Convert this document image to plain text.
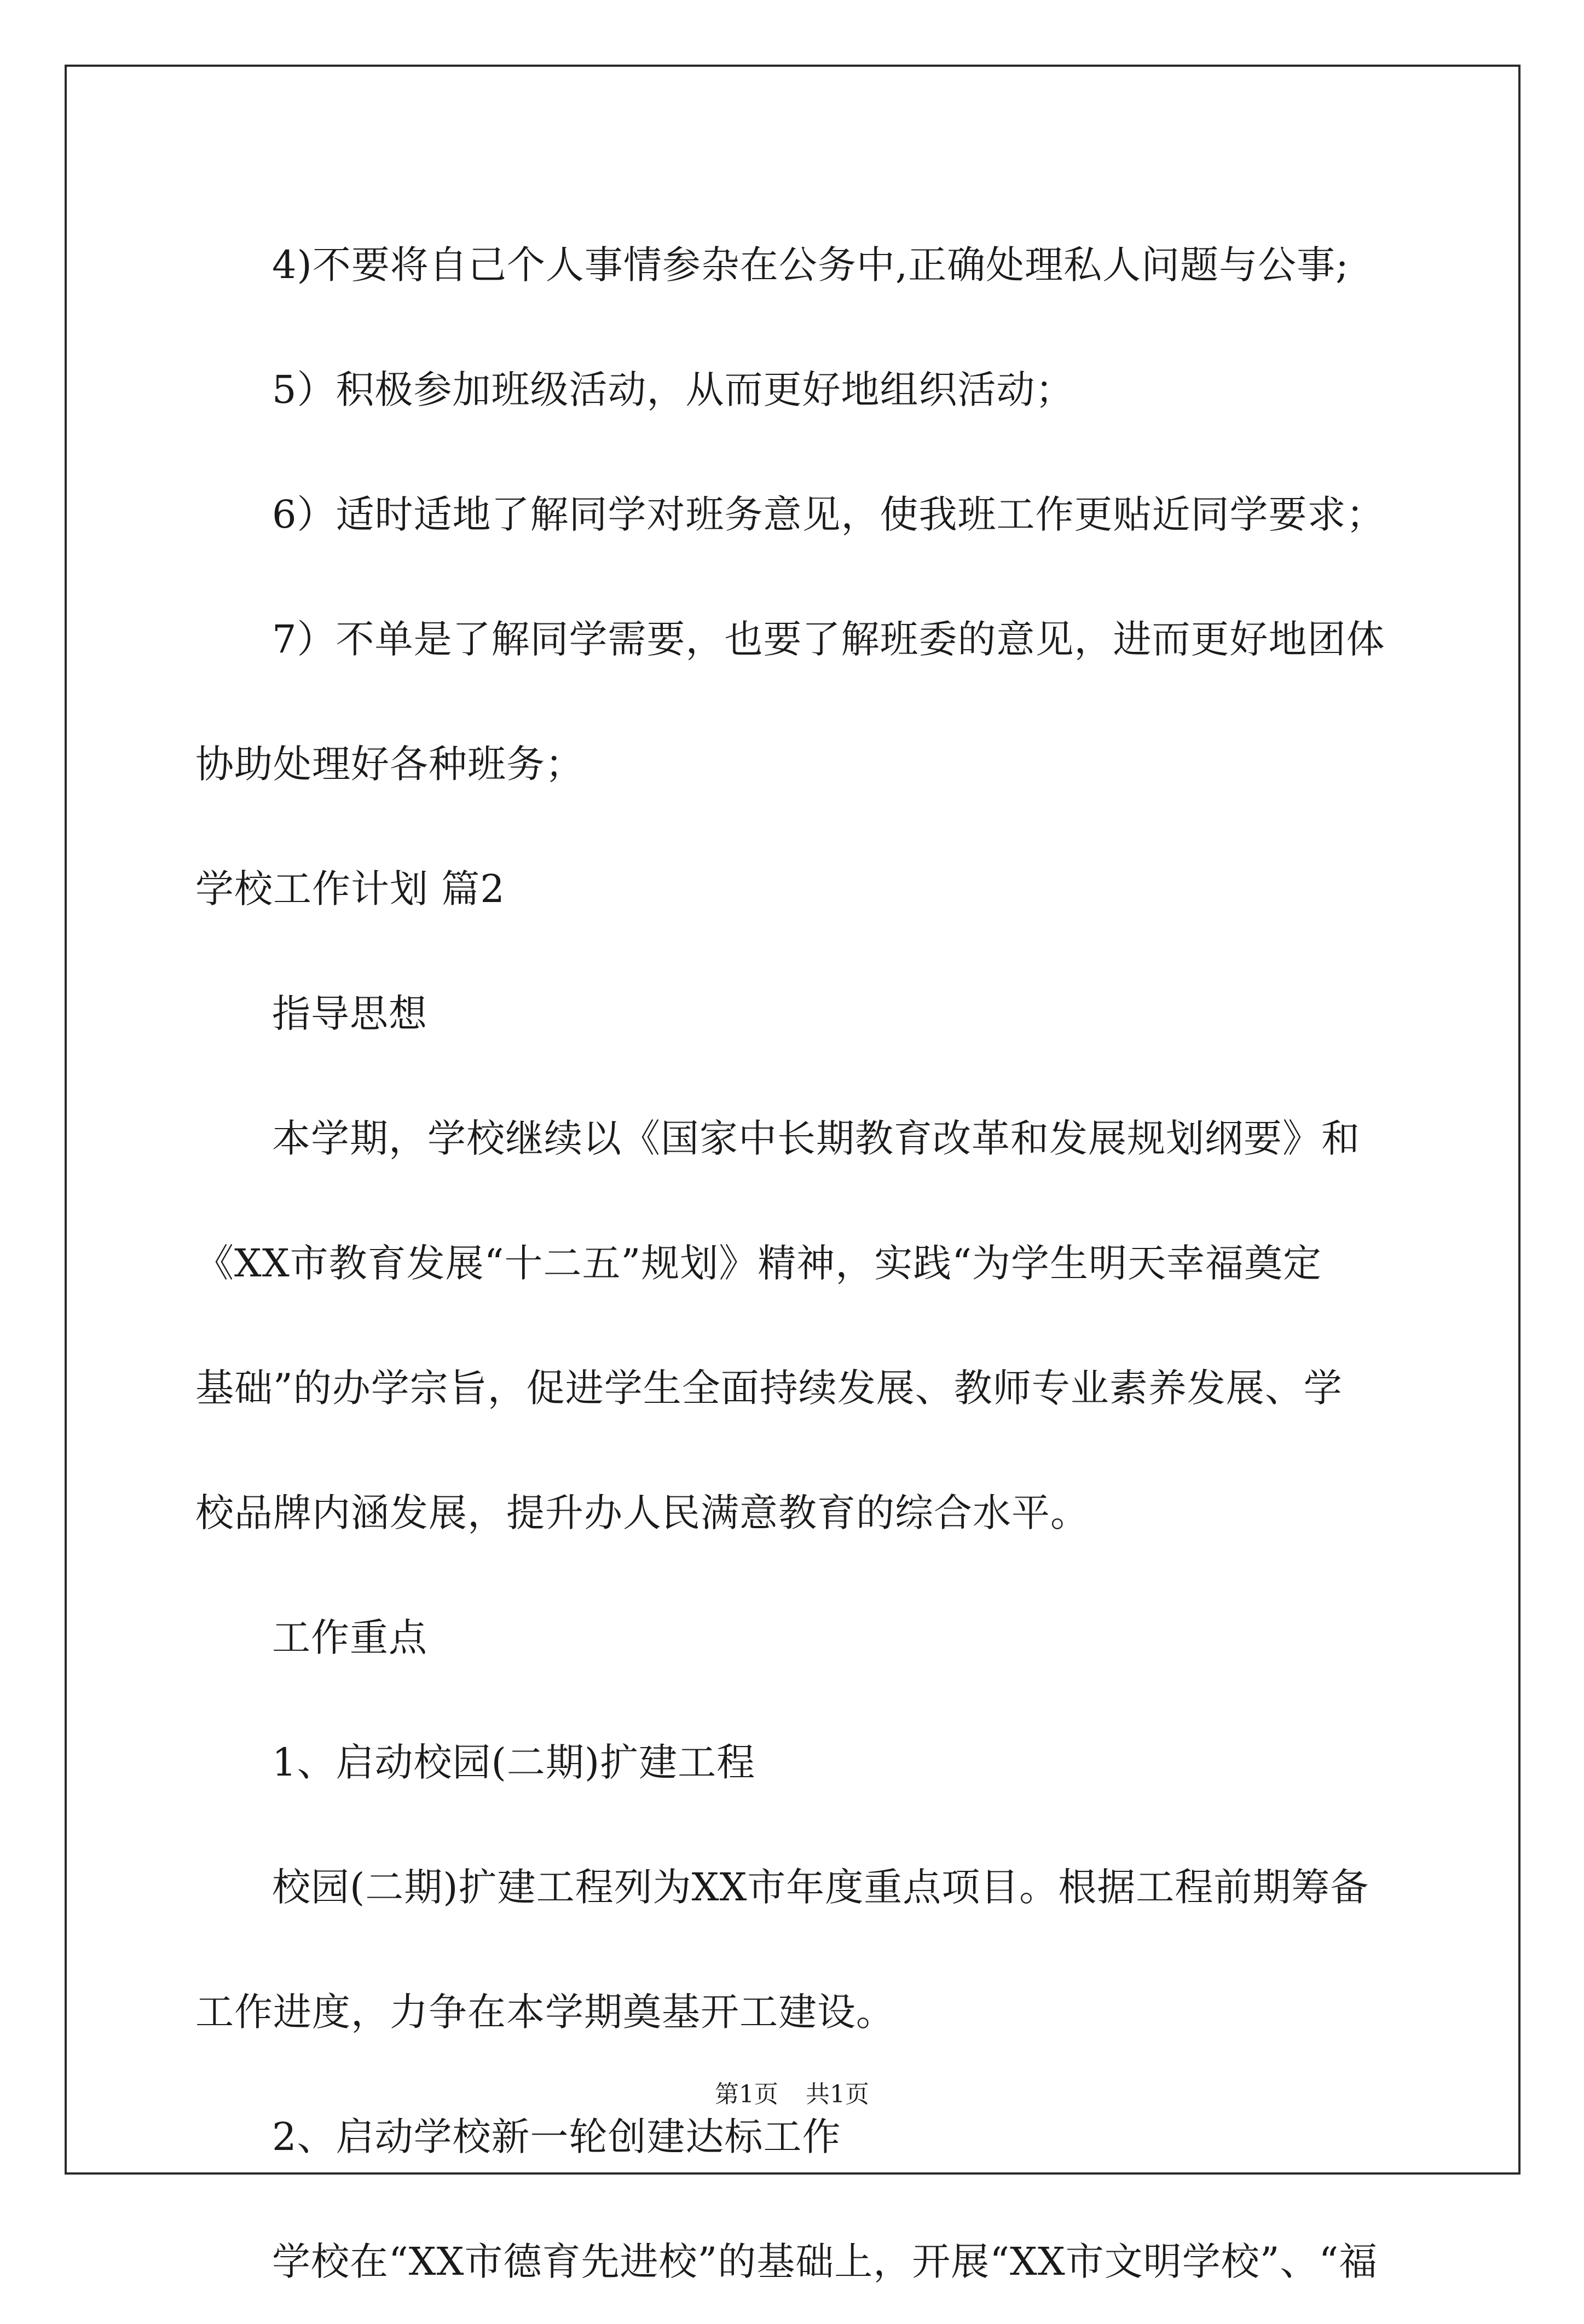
4)不要将自己个人事情参杂在公务中,正确处理私人问题与公事;

5）积极参加班级活动，从而更好地组织活动；

6）适时适地了解同学对班务意见，使我班工作更贴近同学要求；

7）不单是了解同学需要，也要了解班委的意见，进而更好地团体

协助处理好各种班务；

学校工作计划 篇2

指导思想

本学期，学校继续以《国家中长期教育改革和发展规划纲要》和

《XX市教育发展“十二五”规划》精神，实践“为学生明天幸福奠定

基础”的办学宗旨，促进学生全面持续发展、教师专业素养发展、学

校品牌内涵发展，提升办人民满意教育的综合水平。

工作重点

1、启动校园(二期)扩建工程

校园(二期)扩建工程列为XX市年度重点项目。根据工程前期筹备

工作进度，力争在本学期奠基开工建设。

2、启动学校新一轮创建达标工作

学校在“XX市德育先进校”的基础上，开展“XX市文明学校”、“福

第1页 共1页
